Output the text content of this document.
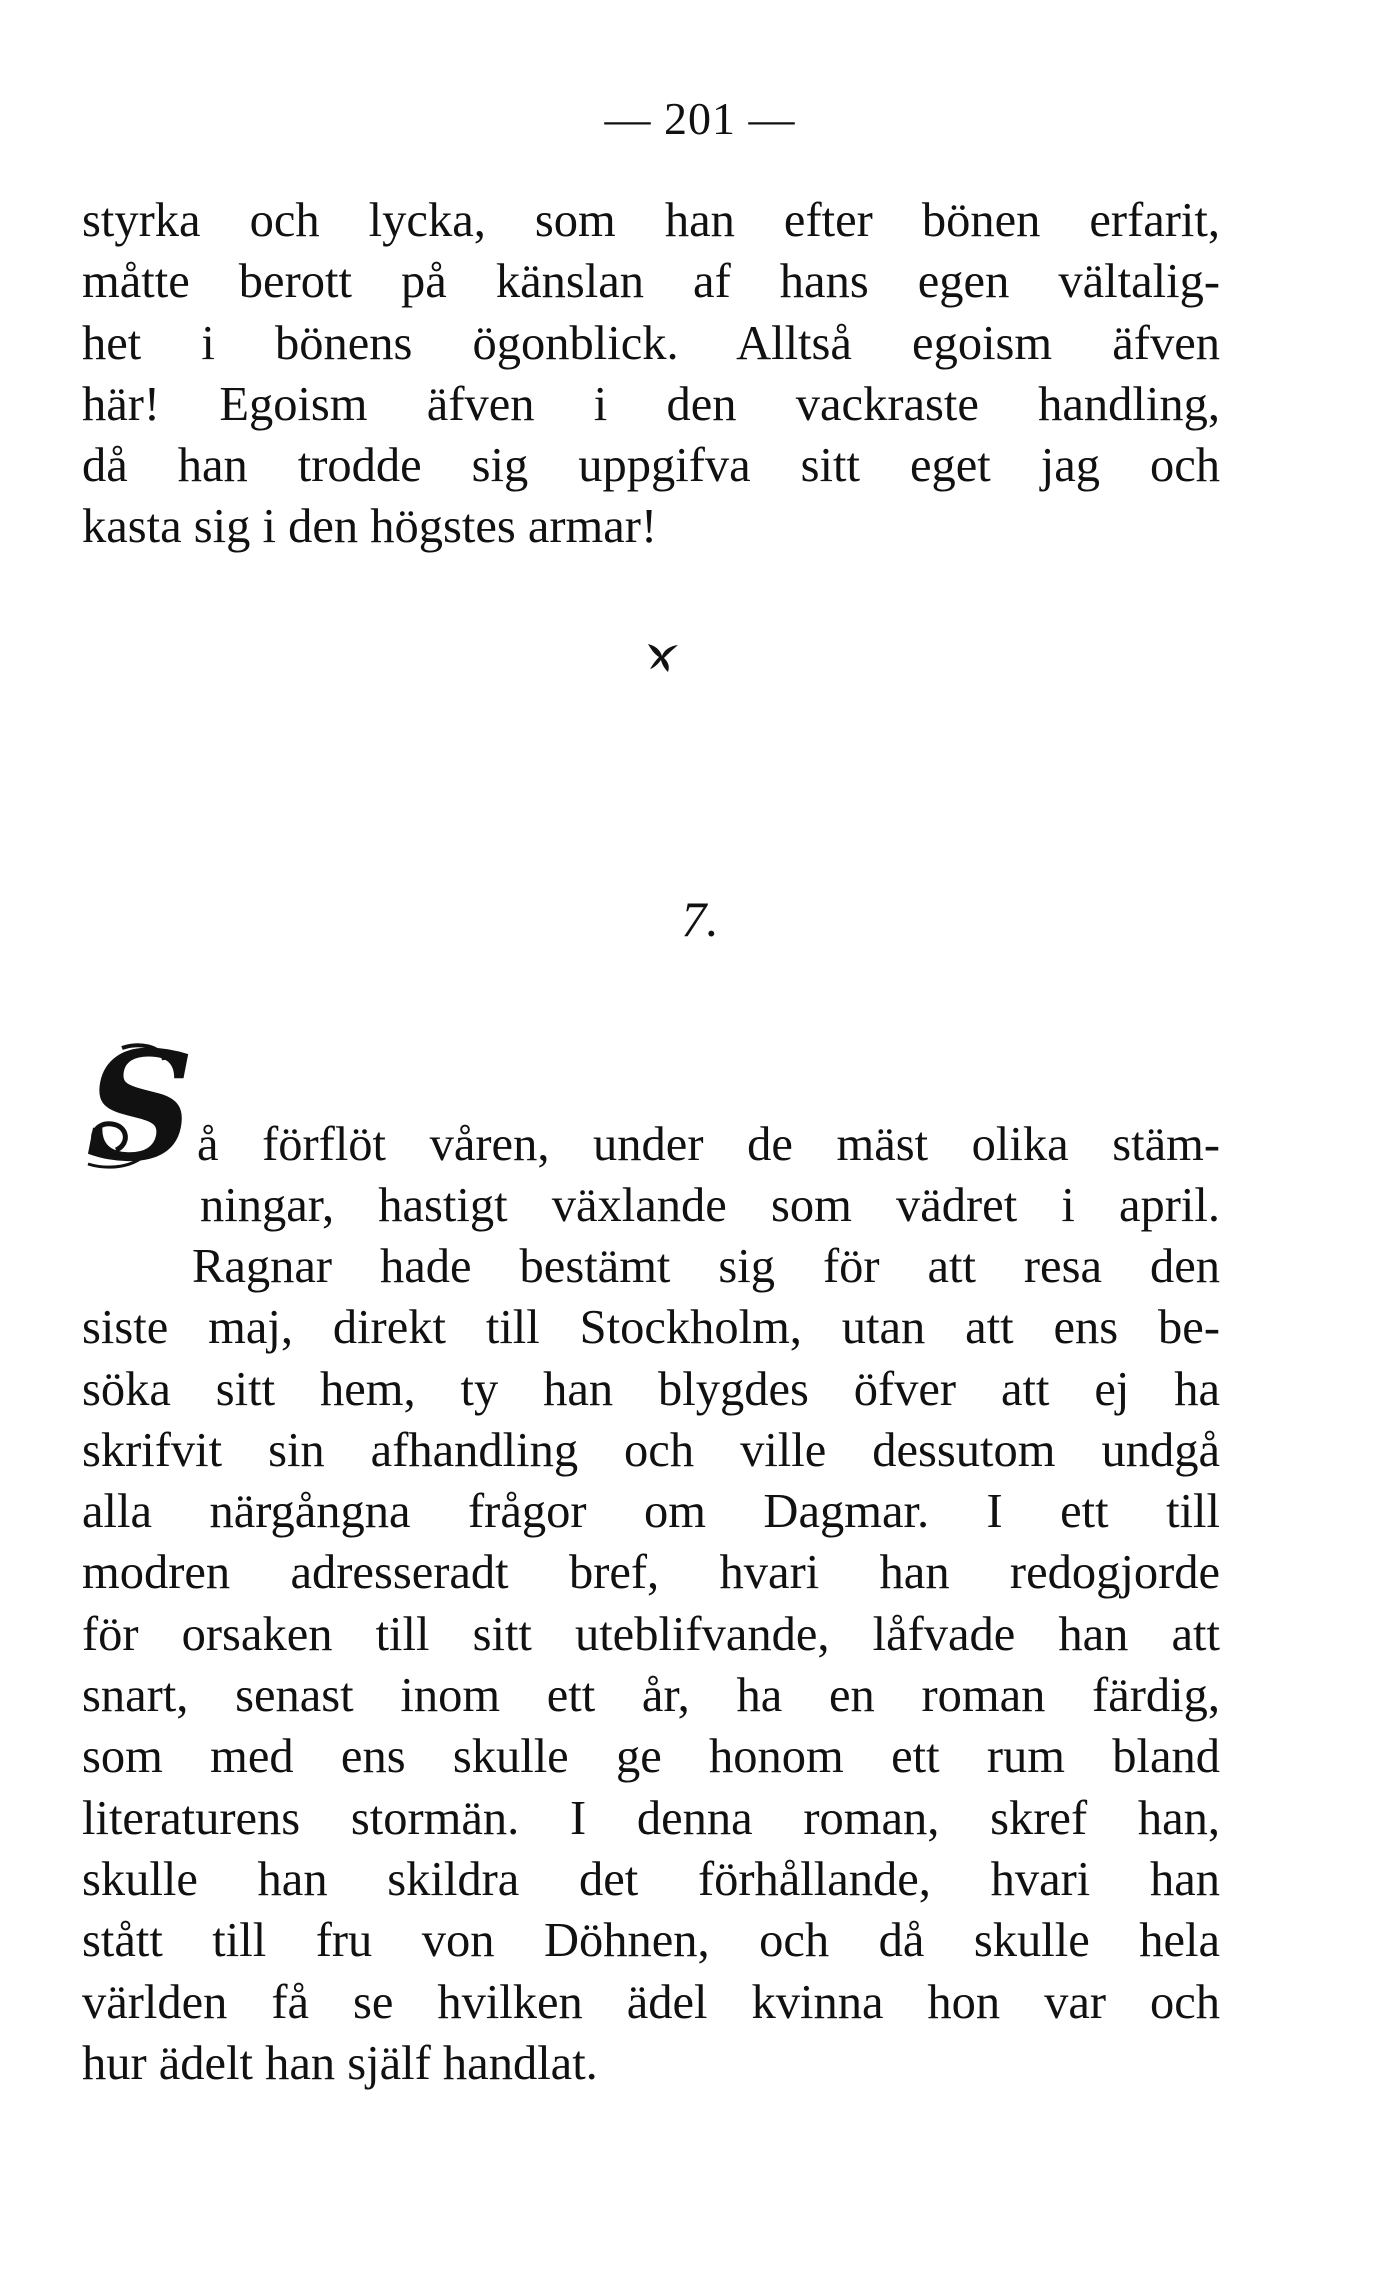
— 201 —
styrka och lycka, som han efter bönen erfarit,
måtte berott på känslan af hans egen vältalig-
het i bönens ögonblick. Alltså egoism äfven
här! Egoism äfven i den vackraste handling,
då han trodde sig uppgifva sitt eget jag och
kasta sig i den högstes armar!
7.
S å förflöt våren, under de mäst olika stäm-
ningar, hastigt växlande som vädret i april.
Ragnar hade bestämt sig för att resa den
siste maj, direkt till Stockholm, utan att ens be-
söka sitt hem, ty han blygdes öfver att ej ha
skrifvit sin afhandling och ville dessutom undgå
alla närgångna frågor om Dagmar. I ett till
modren adresseradt bref, hvari han redogjorde
för orsaken till sitt uteblifvande, låfvade han att
snart, senast inom ett år, ha en roman färdig,
som med ens skulle ge honom ett rum bland
literaturens stormän. I denna roman, skref han,
skulle han skildra det förhållande, hvari han
stått till fru von Döhnen, och då skulle hela
världen få se hvilken ädel kvinna hon var och
hur ädelt han själf handlat.
